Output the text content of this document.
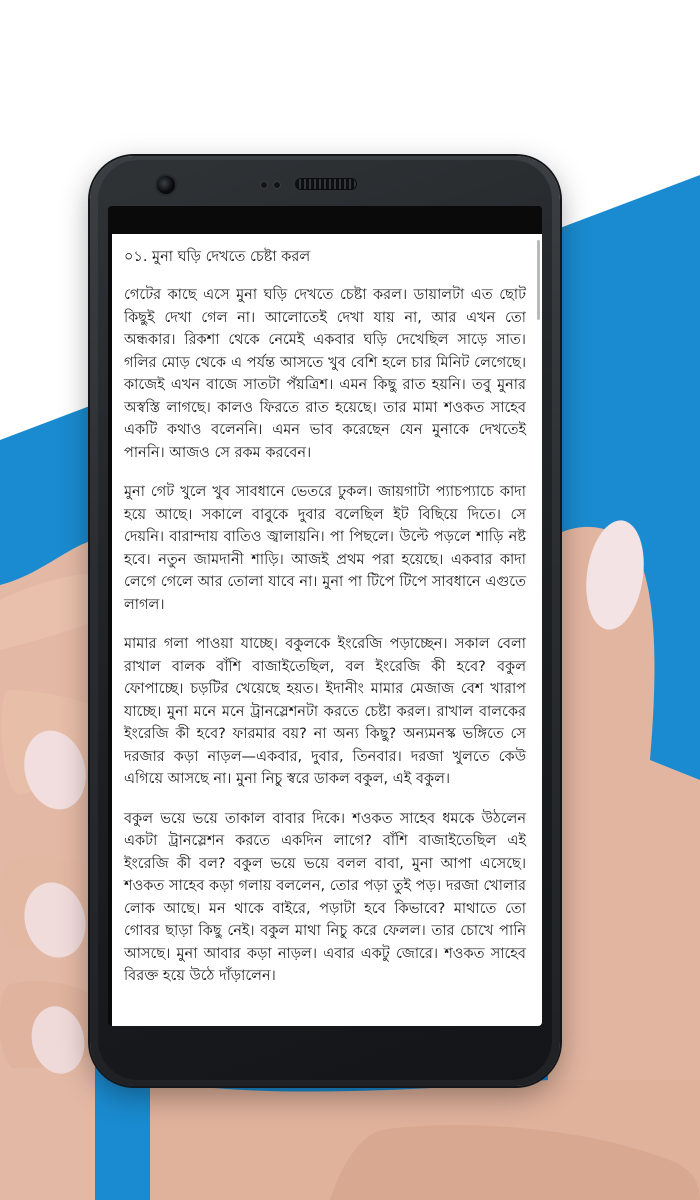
০১. মুনা ঘড়ি দেখতে চেষ্টা করল

গেটের কাছে এসে মুনা ঘড়ি দেখতে চেষ্টা করল। ডায়ালটা এত ছোট কিছুই দেখা গেল না। আলোতেই দেখা যায় না, আর এখন তো অন্ধকার। রিকশা থেকে নেমেই একবার ঘড়ি দেখেছিল সাড়ে সাত। গলির মোড় থেকে এ পর্যন্ত আসতে খুব বেশি হলে চার মিনিট লেগেছে। কাজেই এখন বাজে সাতটা পঁয়ত্রিশ। এমন কিছু রাত হয়নি। তবু মুনার অস্বস্তি লাগছে। কালও ফিরতে রাত হয়েছে। তার মামা শওকত সাহেব একটি কথাও বলেননি। এমন ভাব করেছেন যেন মুনাকে দেখতেই পাননি। আজও সে রকম করবেন।

মুনা গেট খুলে খুব সাবধানে ভেতরে ঢুকল। জায়গাটা প্যাচপ্যাচে কাদা হয়ে আছে। সকালে বাবুকে দুবার বলেছিল ইট বিছিয়ে দিতে। সে দেয়নি। বারান্দায় বাতিও জ্বালায়নি। পা পিছলে। উল্টে পড়লে শাড়ি নষ্ট হবে। নতুন জামদানী শাড়ি। আজই প্রথম পরা হয়েছে। একবার কাদা লেগে গেলে আর তোলা যাবে না। মুনা পা টিপে টিপে সাবধানে এগুতে লাগল।

মামার গলা পাওয়া যাচ্ছে। বকুলকে ইংরেজি পড়াচ্ছেন। সকাল বেলা রাখাল বালক বাঁশি বাজাইতেছিল, বল ইংরেজি কী হবে? বকুল ফোপাচ্ছে। চড়টির খেয়েছে হয়ত। ইদানীং মামার মেজাজ বেশ খারাপ যাচ্ছে। মুনা মনে মনে ট্রানস্লেশনটা করতে চেষ্টা করল। রাখাল বালকের ইংরেজি কী হবে? ফারমার বয়? না অন্য কিছু? অন্যমনস্ক ভঙ্গিতে সে দরজার কড়া নাড়ল—একবার, দুবার, তিনবার। দরজা খুলতে কেউ এগিয়ে আসছে না। মুনা নিচু স্বরে ডাকল বকুল, এই বকুল।

বকুল ভয়ে ভয়ে তাকাল বাবার দিকে। শওকত সাহেব ধমকে উঠলেন একটা ট্রানস্লেশন করতে একদিন লাগে? বাঁশি বাজাইতেছিল এই ইংরেজি কী বল? বকুল ভয়ে ভয়ে বলল বাবা, মুনা আপা এসেছে। শওকত সাহেব কড়া গলায় বললেন, তোর পড়া তুই পড়। দরজা খোলার লোক আছে। মন থাকে বাইরে, পড়াটা হবে কিভাবে? মাথাতে তো গোবর ছাড়া কিছু নেই। বকুল মাথা নিচু করে ফেলল। তার চোখে পানি আসছে। মুনা আবার কড়া নাড়ল। এবার একটু জোরে। শওকত সাহেব বিরক্ত হয়ে উঠে দাঁড়ালেন।
